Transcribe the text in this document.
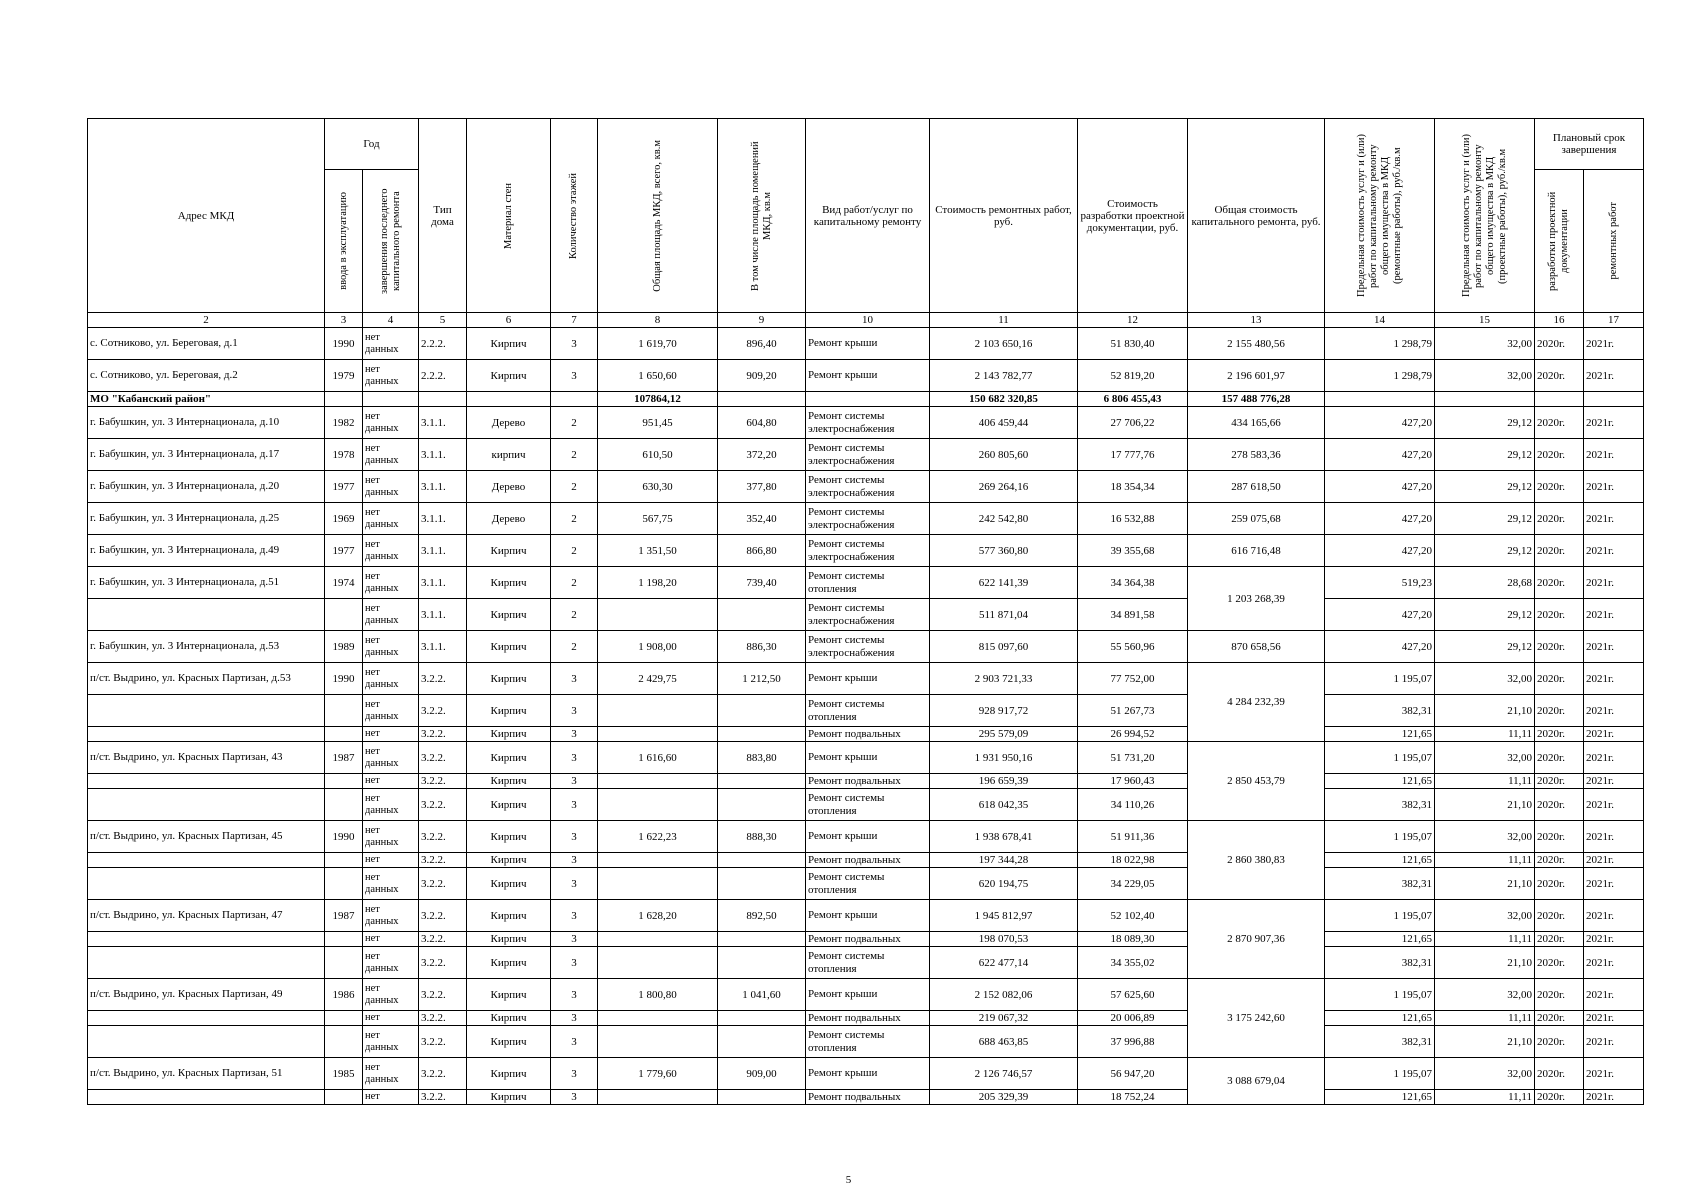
Адрес МКД	Год		Тип дома	Материал стен	Количество этажей	Общая площадь МКД, всего, кв.м	В том числе площадь помещений МКД, кв.м	Вид работ/услуг по капитальному ремонту	Стоимость ремонтных работ, руб.	Стоимость разработки проектной документации, руб.	Общая стоимость капитального ремонта, руб.	Предельная стоимость услуг и (или) работ по капитальному ремонту общего имущества в МКД (ремонтные работы), руб./кв.м	Предельная стоимость услуг и (или) работ по капитальному ремонту общего имущества в МКД (проектные работы), руб./кв.м	Плановый срок завершения	

	ввода в эксплуатацию	завершения последнего капитального ремонта												разработки проектной документации	ремонтных работ

2	3	4	5	6	7	8	9	10	11	12	13	14	15	16	17
с. Сотниково, ул. Береговая, д.1	1990	нет данных	2.2.2.	Кирпич	3	1 619,70	896,40	Ремонт крыши	2 103 650,16	51 830,40	2 155 480,56	1 298,79	32,00	2020г.	2021г.
с. Сотниково, ул. Береговая, д.2	1979	нет данных	2.2.2.	Кирпич	3	1 650,60	909,20	Ремонт крыши	2 143 782,77	52 819,20	2 196 601,97	1 298,79	32,00	2020г.	2021г.
МО "Кабанский район"						107864,12			150 682 320,85	6 806 455,43	157 488 776,28				
г. Бабушкин, ул. 3 Интернационала, д.10	1982	нет данных	3.1.1.	Дерево	2	951,45	604,80	Ремонт системы электроснабжения	406 459,44	27 706,22	434 165,66	427,20	29,12	2020г.	2021г.
г. Бабушкин, ул. 3 Интернационала, д.17	1978	нет данных	3.1.1.	кирпич	2	610,50	372,20	Ремонт системы электроснабжения	260 805,60	17 777,76	278 583,36	427,20	29,12	2020г.	2021г.
г. Бабушкин, ул. 3 Интернационала, д.20	1977	нет данных	3.1.1.	Дерево	2	630,30	377,80	Ремонт системы электроснабжения	269 264,16	18 354,34	287 618,50	427,20	29,12	2020г.	2021г.
г. Бабушкин, ул. 3 Интернационала, д.25	1969	нет данных	3.1.1.	Дерево	2	567,75	352,40	Ремонт системы электроснабжения	242 542,80	16 532,88	259 075,68	427,20	29,12	2020г.	2021г.
г. Бабушкин, ул. 3 Интернационала, д.49	1977	нет данных	3.1.1.	Кирпич	2	1 351,50	866,80	Ремонт системы электроснабжения	577 360,80	39 355,68	616 716,48	427,20	29,12	2020г.	2021г.
г. Бабушкин, ул. 3 Интернационала, д.51	1974	нет данных	3.1.1.	Кирпич	2	1 198,20	739,40	Ремонт системы отопления	622 141,39	34 364,38	1 203 268,39	519,23	28,68	2020г.	2021г.
		нет данных	3.1.1.	Кирпич	2			Ремонт системы электроснабжения	511 871,04	34 891,58		427,20	29,12	2020г.	2021г.
г. Бабушкин, ул. 3 Интернационала, д.53	1989	нет данных	3.1.1.	Кирпич	2	1 908,00	886,30	Ремонт системы электроснабжения	815 097,60	55 560,96	870 658,56	427,20	29,12	2020г.	2021г.
п/ст. Выдрино, ул. Красных Партизан, д.53	1990	нет данных	3.2.2.	Кирпич	3	2 429,75	1 212,50	Ремонт крыши	2 903 721,33	77 752,00	4 284 232,39	1 195,07	32,00	2020г.	2021г.
		нет данных	3.2.2.	Кирпич	3			Ремонт системы отопления	928 917,72	51 267,73		382,31	21,10	2020г.	2021г.
		нет	3.2.2.	Кирпич	3			Ремонт подвальных	295 579,09	26 994,52		121,65	11,11	2020г.	2021г.
п/ст. Выдрино, ул. Красных Партизан, 43	1987	нет данных	3.2.2.	Кирпич	3	1 616,60	883,80	Ремонт крыши	1 931 950,16	51 731,20	2 850 453,79	1 195,07	32,00	2020г.	2021г.
		нет	3.2.2.	Кирпич	3			Ремонт подвальных	196 659,39	17 960,43		121,65	11,11	2020г.	2021г.
		нет данных	3.2.2.	Кирпич	3			Ремонт системы отопления	618 042,35	34 110,26		382,31	21,10	2020г.	2021г.
п/ст. Выдрино, ул. Красных Партизан, 45	1990	нет данных	3.2.2.	Кирпич	3	1 622,23	888,30	Ремонт крыши	1 938 678,41	51 911,36	2 860 380,83	1 195,07	32,00	2020г.	2021г.
		нет	3.2.2.	Кирпич	3			Ремонт подвальных	197 344,28	18 022,98		121,65	11,11	2020г.	2021г.
		нет данных	3.2.2.	Кирпич	3			Ремонт системы отопления	620 194,75	34 229,05		382,31	21,10	2020г.	2021г.
п/ст. Выдрино, ул. Красных Партизан, 47	1987	нет данных	3.2.2.	Кирпич	3	1 628,20	892,50	Ремонт крыши	1 945 812,97	52 102,40	2 870 907,36	1 195,07	32,00	2020г.	2021г.
		нет	3.2.2.	Кирпич	3			Ремонт подвальных	198 070,53	18 089,30		121,65	11,11	2020г.	2021г.
		нет данных	3.2.2.	Кирпич	3			Ремонт системы отопления	622 477,14	34 355,02		382,31	21,10	2020г.	2021г.
п/ст. Выдрино, ул. Красных Партизан, 49	1986	нет данных	3.2.2.	Кирпич	3	1 800,80	1 041,60	Ремонт крыши	2 152 082,06	57 625,60	3 175 242,60	1 195,07	32,00	2020г.	2021г.
		нет	3.2.2.	Кирпич	3			Ремонт подвальных	219 067,32	20 006,89		121,65	11,11	2020г.	2021г.
		нет данных	3.2.2.	Кирпич	3			Ремонт системы отопления	688 463,85	37 996,88		382,31	21,10	2020г.	2021г.
п/ст. Выдрино, ул. Красных Партизан, 51	1985	нет данных	3.2.2.	Кирпич	3	1 779,60	909,00	Ремонт крыши	2 126 746,57	56 947,20	3 088 679,04	1 195,07	32,00	2020г.	2021г.
		нет	3.2.2.	Кирпич	3			Ремонт подвальных	205 329,39	18 752,24		121,65	11,11	2020г.	2021г.
5
